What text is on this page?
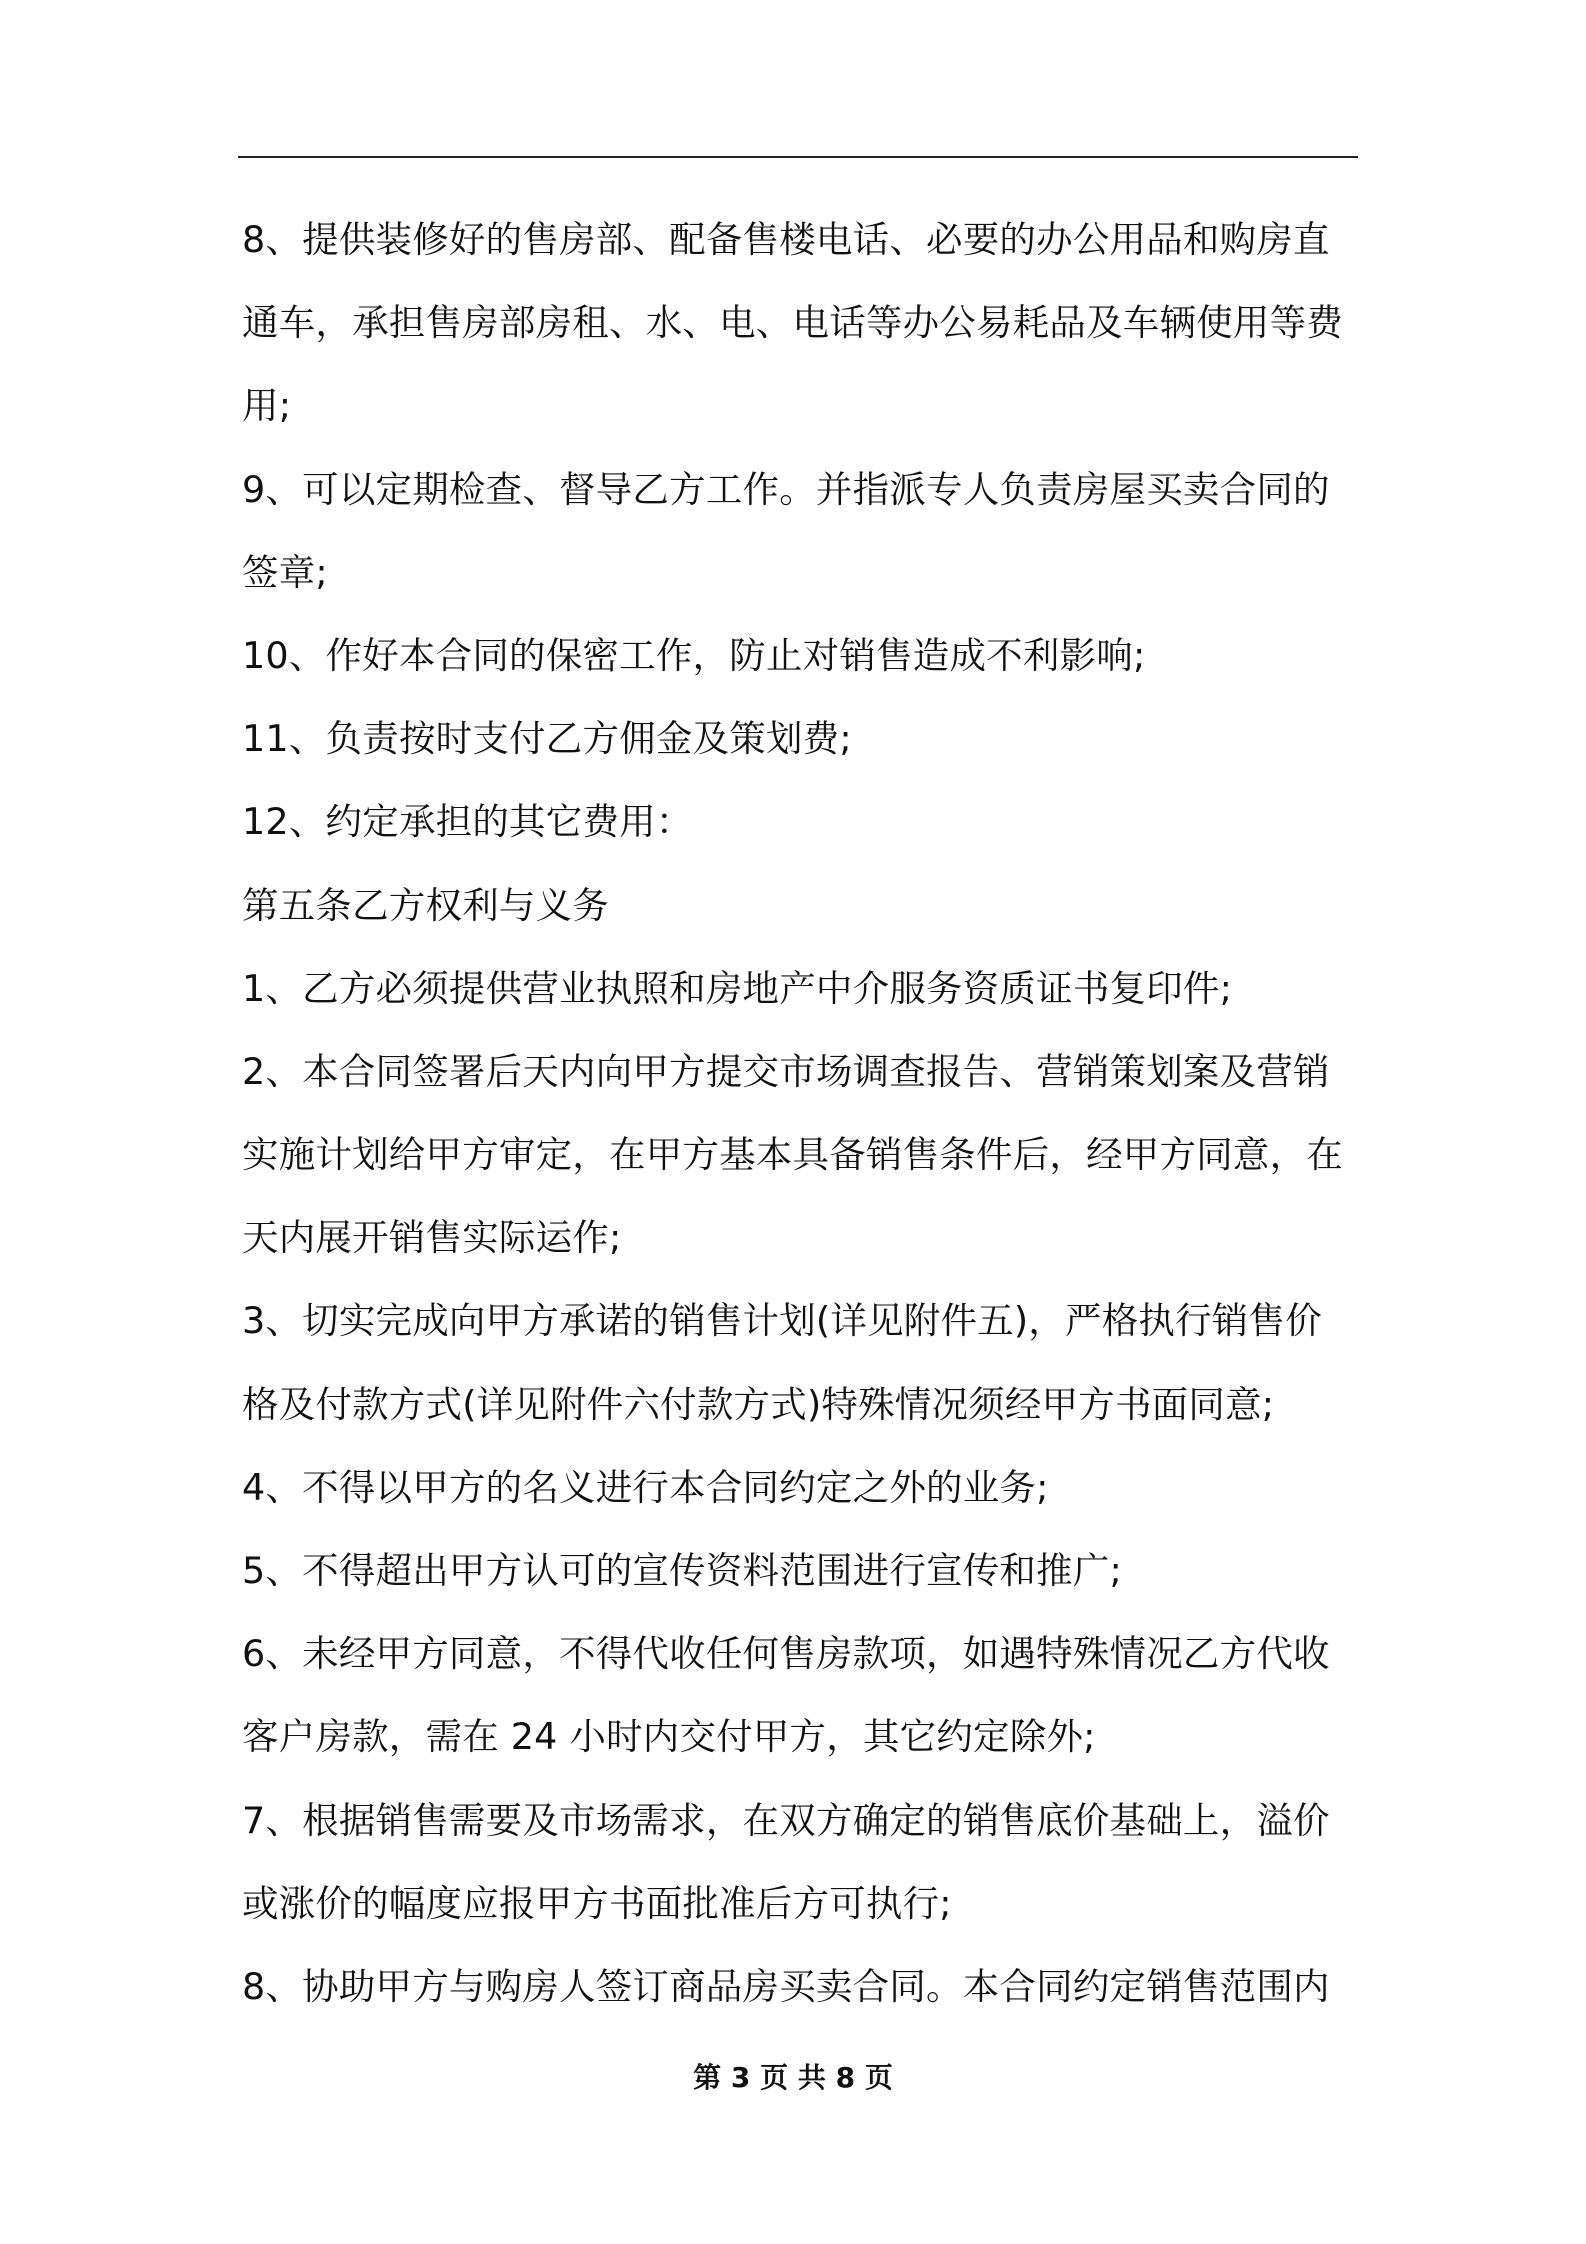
8、提供装修好的售房部、配备售楼电话、必要的办公用品和购房直
通车，承担售房部房租、水、电、电话等办公易耗品及车辆使用等费
用;
9、可以定期检查、督导乙方工作。并指派专人负责房屋买卖合同的
签章;
10、作好本合同的保密工作，防止对销售造成不利影响;
11、负责按时支付乙方佣金及策划费;
12、约定承担的其它费用：
第五条乙方权利与义务
1、乙方必须提供营业执照和房地产中介服务资质证书复印件;
2、本合同签署后天内向甲方提交市场调查报告、营销策划案及营销
实施计划给甲方审定，在甲方基本具备销售条件后，经甲方同意，在
天内展开销售实际运作;
3、切实完成向甲方承诺的销售计划(详见附件五)，严格执行销售价
格及付款方式(详见附件六付款方式)特殊情况须经甲方书面同意;
4、不得以甲方的名义进行本合同约定之外的业务;
5、不得超出甲方认可的宣传资料范围进行宣传和推广;
6、未经甲方同意，不得代收任何售房款项，如遇特殊情况乙方代收
客户房款，需在 24 小时内交付甲方，其它约定除外;
7、根据销售需要及市场需求，在双方确定的销售底价基础上，溢价
或涨价的幅度应报甲方书面批准后方可执行;
8、协助甲方与购房人签订商品房买卖合同。本合同约定销售范围内
第 3 页 共 8 页
